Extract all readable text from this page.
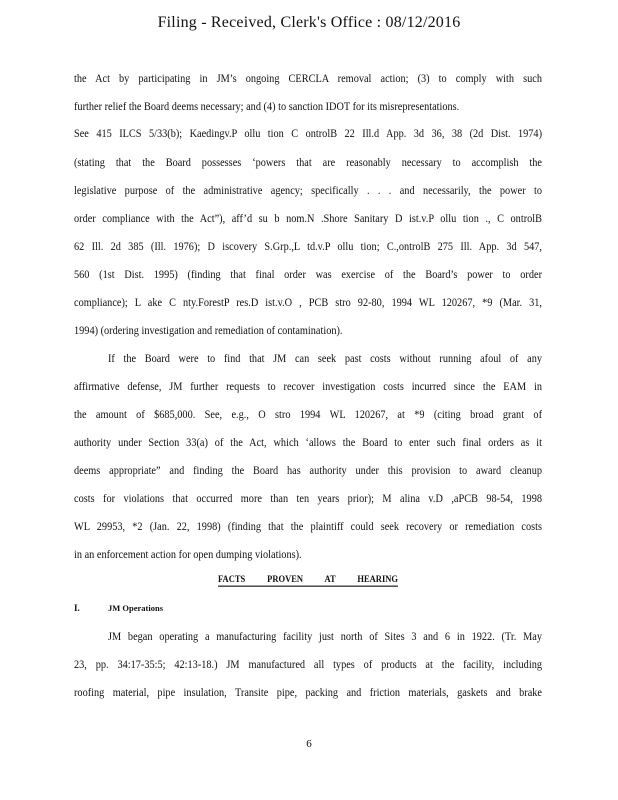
Filing - Received, Clerk's Office : 08/12/2016
the Act by participating in JM’s ongoing CERCLA removal action; (3) to comply with such
further relief the Board deems necessary; and (4) to sanction IDOT for its misrepresentations.
See 415 ILCS 5/33(b); Kaedingv.P ollu tion C ontrolB 22 Ill.d App. 3d 36, 38 (2d Dist. 1974)
(stating that the Board possesses ‘powers that are reasonably necessary to accomplish the
legislative purpose of the administrative agency; specifically . . . and necessarily, the power to
order compliance with the Act”), aff’d su b nom.N .Shore Sanitary D ist.v.P ollu tion ., C ontrolB
62 Ill. 2d 385 (Ill. 1976); D iscovery S.Grp.,L td.v.P ollu tion; C.,ontrolB 275 Ill. App. 3d 547,
560 (1st Dist. 1995) (finding that final order was exercise of the Board’s power to order
compliance); L ake C nty.ForestP res.D ist.v.O , PCB stro 92-80, 1994 WL 120267, *9 (Mar. 31,
1994) (ordering investigation and remediation of contamination).
If the Board were to find that JM can seek past costs without running afoul of any
affirmative defense, JM further requests to recover investigation costs incurred since the EAM in
the amount of $685,000. See, e.g., O stro 1994 WL 120267, at *9 (citing broad grant of
authority under Section 33(a) of the Act, which ‘allows the Board to enter such final orders as it
deems appropriate” and finding the Board has authority under this provision to award cleanup
costs for violations that occurred more than ten years prior); M alina v.D ,aPCB 98-54, 1998
WL 29953, *2 (Jan. 22, 1998) (finding that the plaintiff could seek recovery or remediation costs
in an enforcement action for open dumping violations).
JM began operating a manufacturing facility just north of Sites 3 and 6 in 1922. (Tr. May
23, pp. 34:17-35:5; 42:13-18.) JM manufactured all types of products at the facility, including
roofing material, pipe insulation, Transite pipe, packing and friction materials, gaskets and brake
FACTS PROVEN AT HEARING
I.	JM Operations
6
